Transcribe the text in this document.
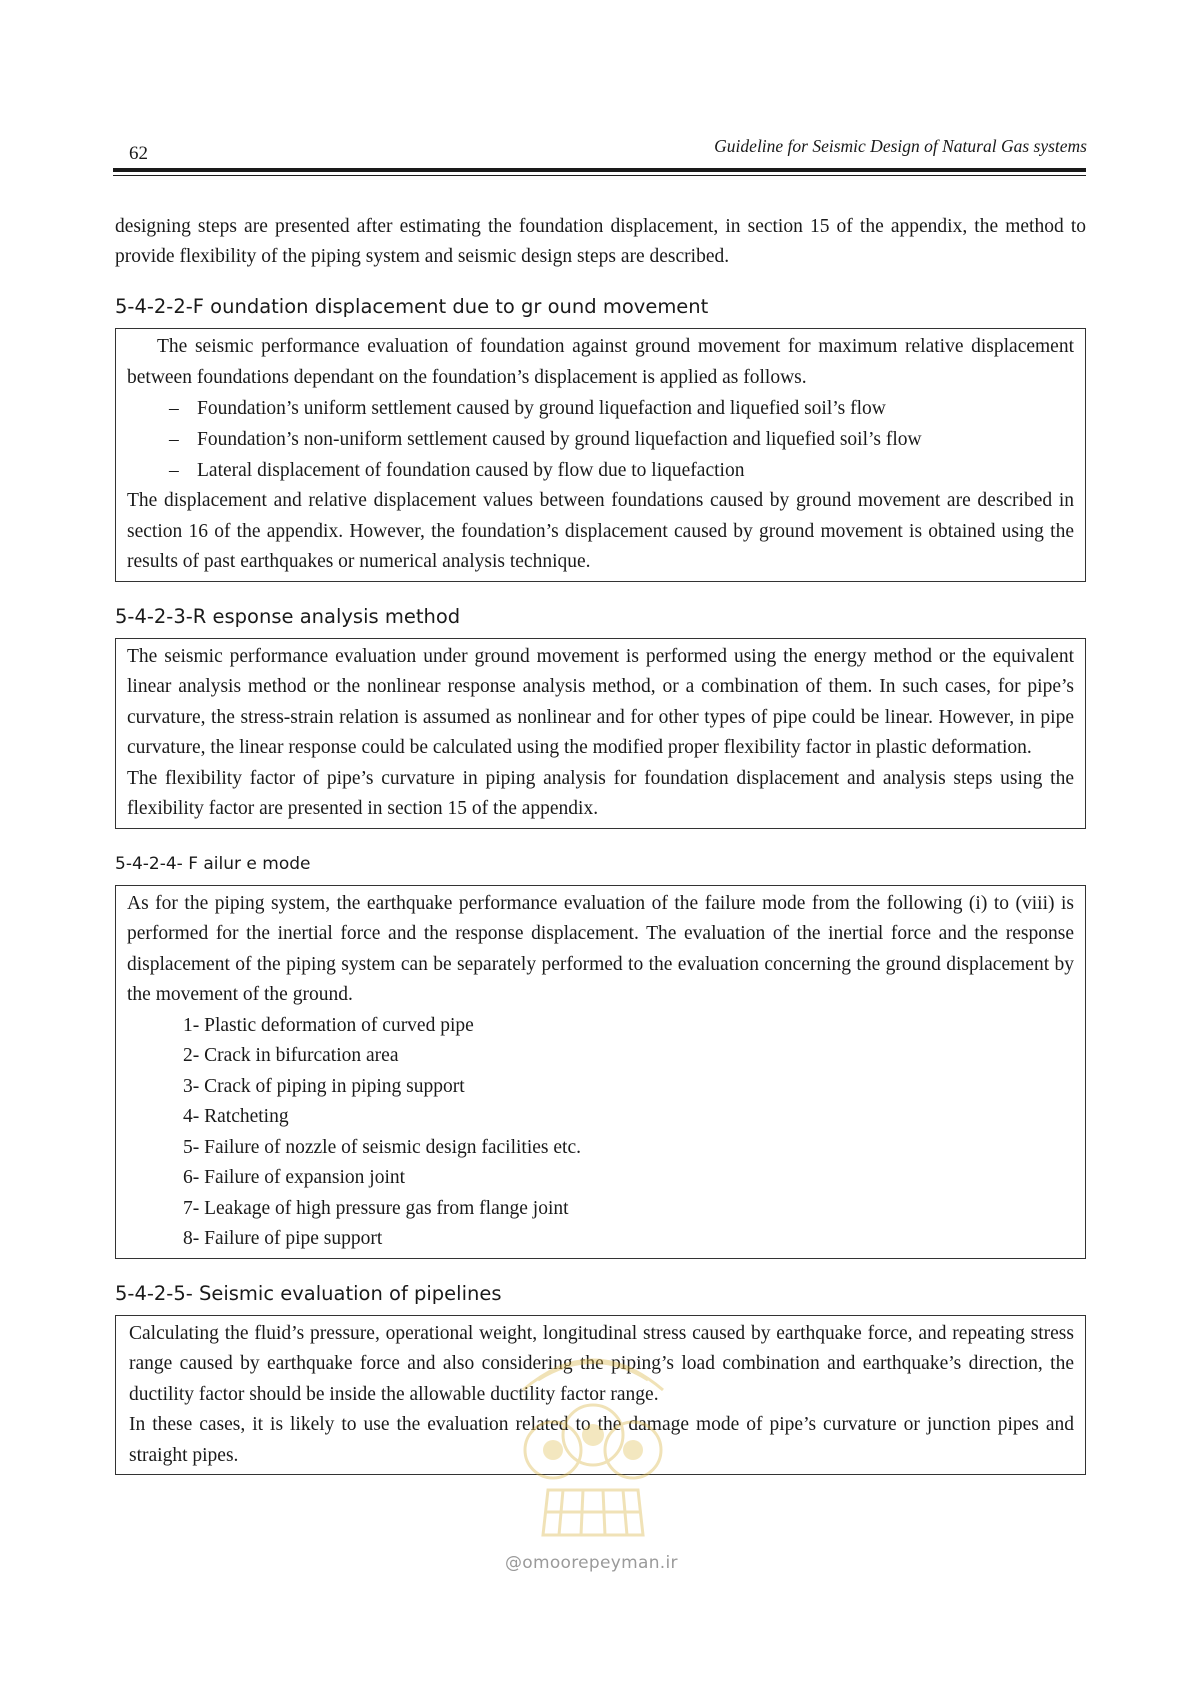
62	Guideline for Seismic Design of Natural Gas systems

designing steps are presented after estimating the foundation displacement, in section 15 of the appendix, the method to provide flexibility of the piping system and seismic design steps are described.

5-4-2-2-F oundation displacement due to gr ound movement

The seismic performance evaluation of foundation against ground movement for maximum relative displacement between foundations dependant on the foundation’s displacement is applied as follows.

– Foundation’s uniform settlement caused by ground liquefaction and liquefied soil’s flow
– Foundation’s non-uniform settlement caused by ground liquefaction and liquefied soil’s flow
– Lateral displacement of foundation caused by flow due to liquefaction

The displacement and relative displacement values between foundations caused by ground movement are described in section 16 of the appendix. However, the foundation’s displacement caused by ground movement is obtained using the results of past earthquakes or numerical analysis technique.

5-4-2-3-R esponse analysis method

The seismic performance evaluation under ground movement is performed using the energy method or the equivalent linear analysis method or the nonlinear response analysis method, or a combination of them. In such cases, for pipe’s curvature, the stress-strain relation is assumed as nonlinear and for other types of pipe could be linear. However, in pipe curvature, the linear response could be calculated using the modified proper flexibility factor in plastic deformation.

The flexibility factor of pipe’s curvature in piping analysis for foundation displacement and analysis steps using the flexibility factor are presented in section 15 of the appendix.

5-4-2-4- F ailur e mode

As for the piping system, the earthquake performance evaluation of the failure mode from the following (i) to (viii) is performed for the inertial force and the response displacement. The evaluation of the inertial force and the response displacement of the piping system can be separately performed to the evaluation concerning the ground displacement by the movement of the ground.

1- Plastic deformation of curved pipe
2- Crack in bifurcation area
3- Crack of piping in piping support
4- Ratcheting
5- Failure of nozzle of seismic design facilities etc.
6- Failure of expansion joint
7- Leakage of high pressure gas from flange joint
8- Failure of pipe support
5-4-2-5- Seismic evaluation of pipelines

Calculating the fluid’s pressure, operational weight, longitudinal stress caused by earthquake force, and repeating stress range caused by earthquake force and also considering the piping’s load combination and earthquake’s direction, the ductility factor should be inside the allowable ductility factor range.

In these cases, it is likely to use the evaluation related to the damage mode of pipe’s curvature or junction pipes and straight pipes.

@omoorepeyman.ir
